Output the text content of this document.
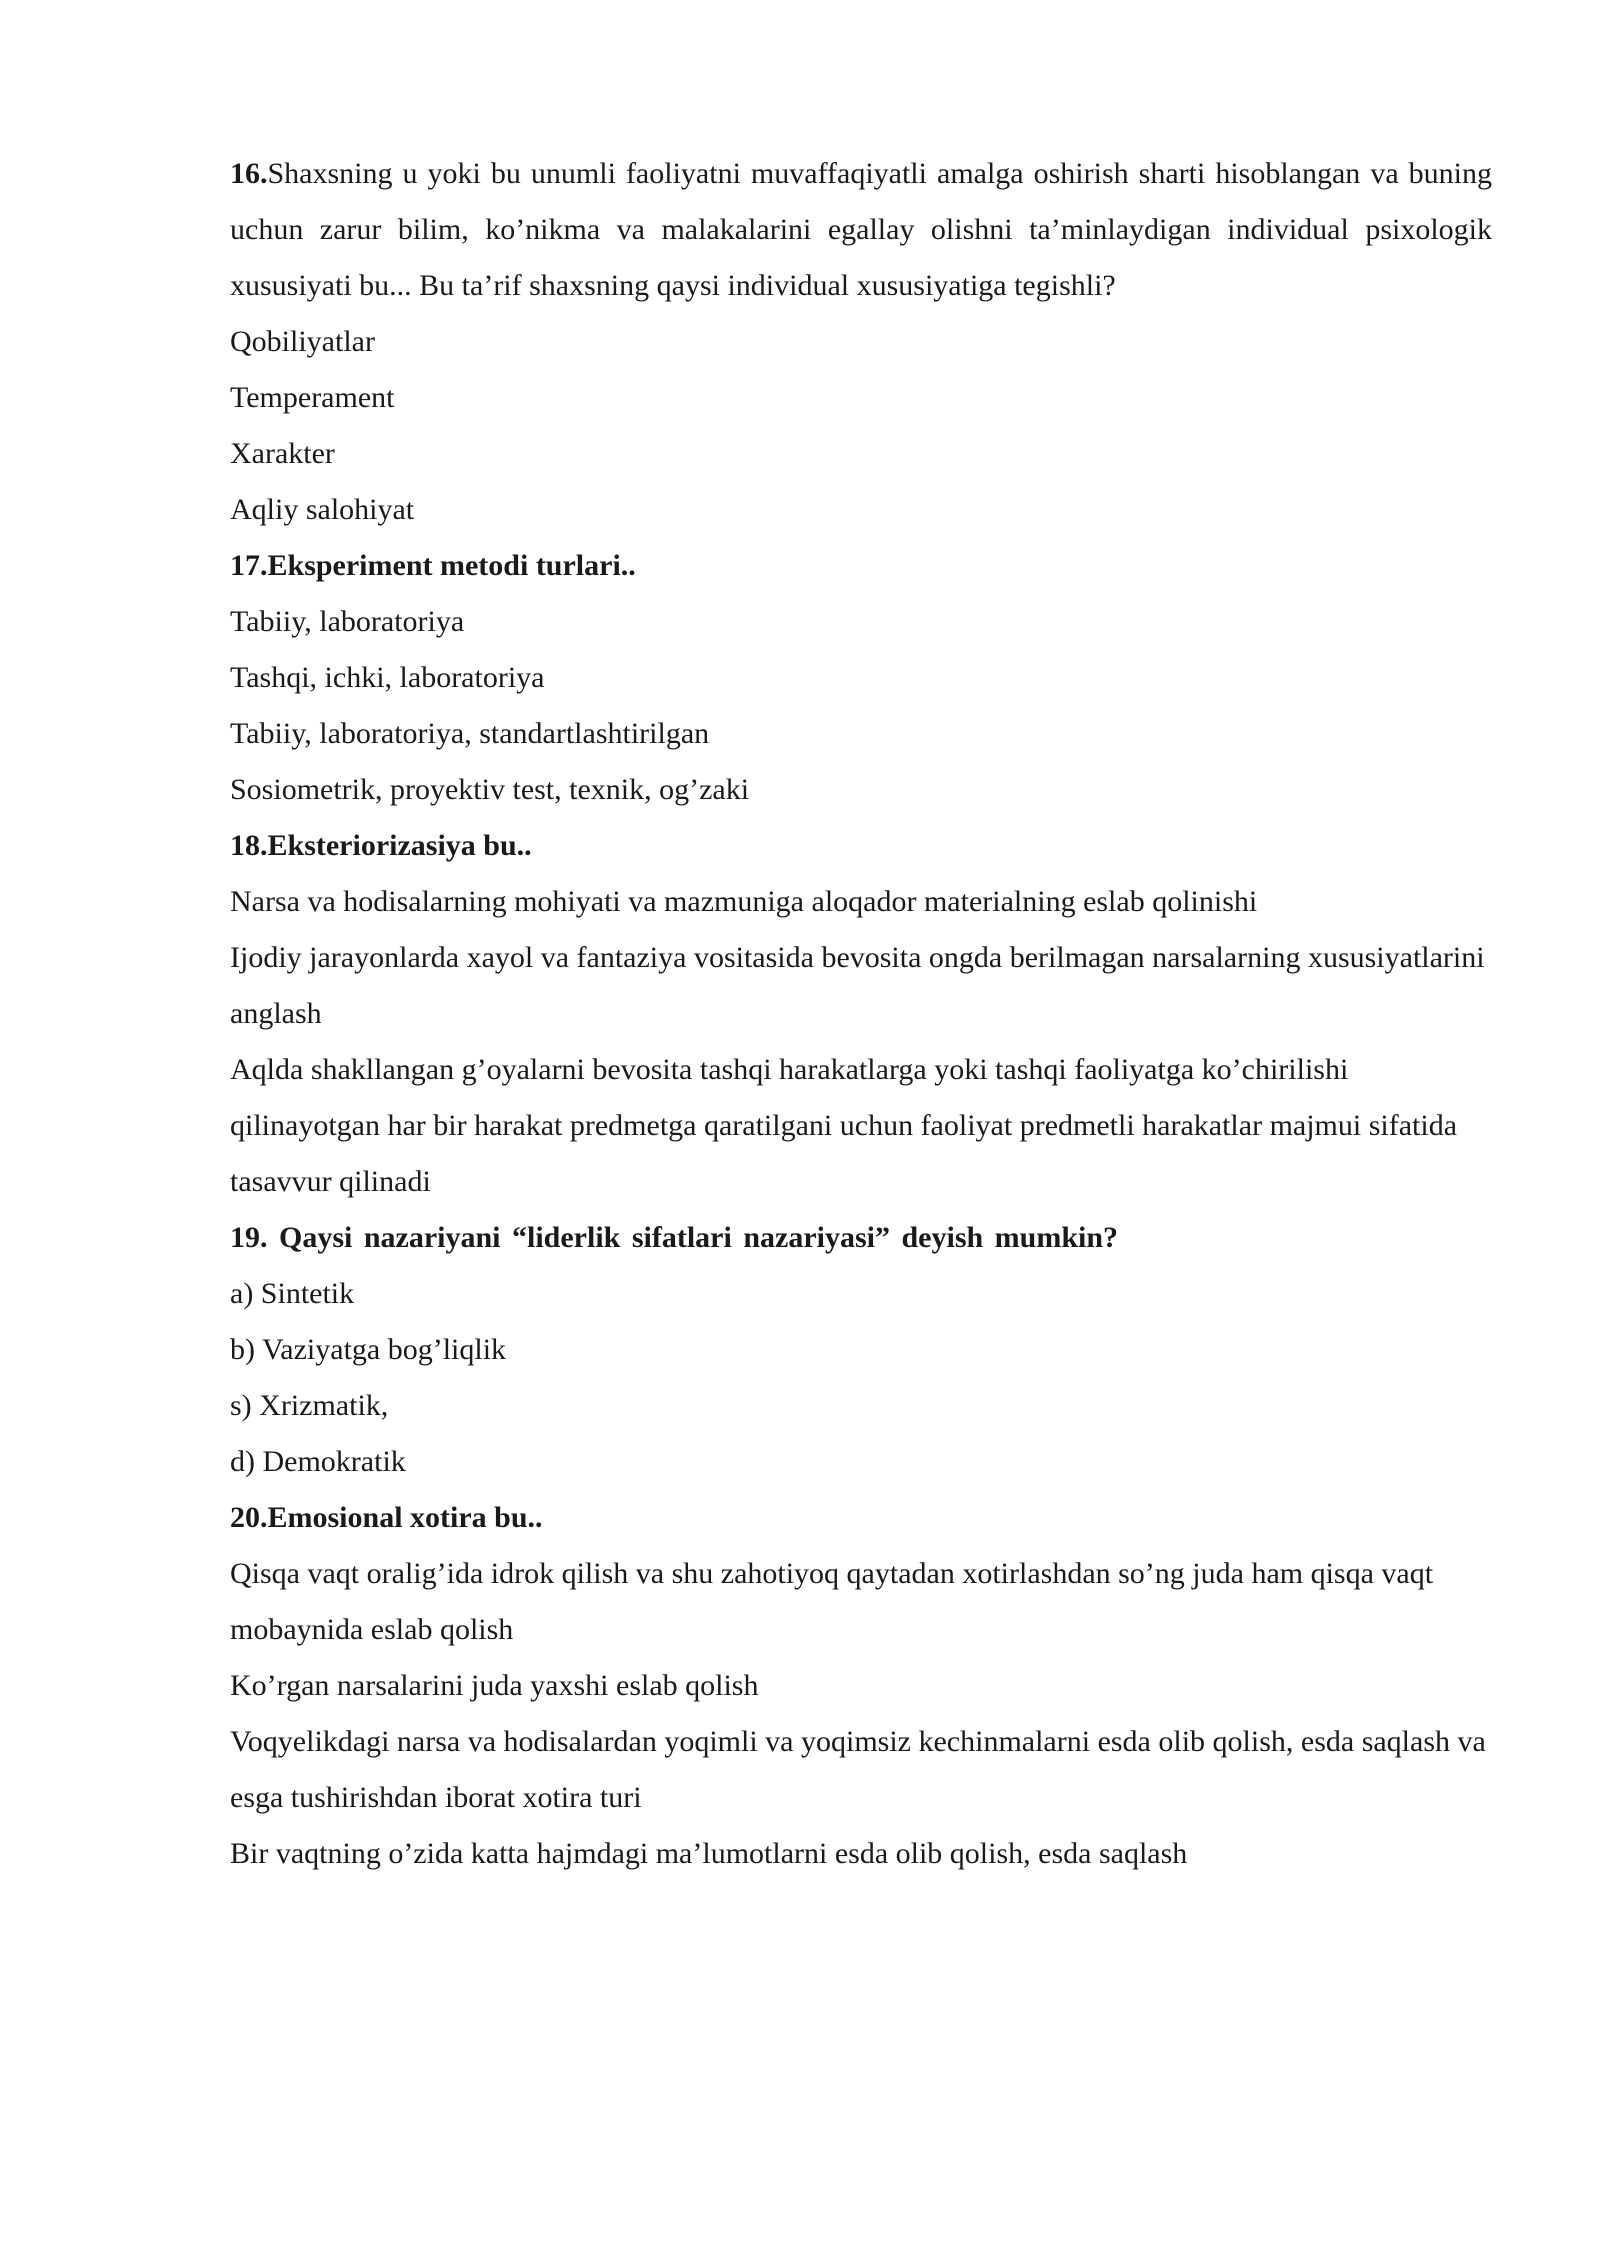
16.Shaxsning u yoki bu unumli faoliyatni muvaffaqiyatli amalga oshirish sharti hisoblangan va buning uchun zarur bilim, ko’nikma va malakalarini egallay olishni ta’minlaydigan individual psixologik xususiyati bu... Bu ta’rif shaxsning qaysi individual xususiyatiga tegishli?

Qobiliyatlar

Temperament

Xarakter

Aqliy salohiyat

17.Eksperiment metodi turlari..

Tabiiy, laboratoriya

Tashqi, ichki, laboratoriya

Tabiiy, laboratoriya, standartlashtirilgan

Sosiometrik, proyektiv test, texnik, og’zaki

18.Eksteriorizasiya bu..

Narsa va hodisalarning mohiyati va mazmuniga aloqador materialning eslab qolinishi

Ijodiy jarayonlarda xayol va fantaziya vositasida bevosita ongda berilmagan narsalarning xususiyatlarini anglash

Aqlda shakllangan g’oyalarni bevosita tashqi harakatlarga yoki tashqi faoliyatga ko’chirilishi qilinayotgan har bir harakat predmetga qaratilgani uchun faoliyat predmetli harakatlar majmui sifatida tasavvur qilinadi

19. Qaysi nazariyani “liderlik sifatlari nazariyasi” deyish mumkin?

a) Sintetik

b) Vaziyatga bog’liqlik

s) Xrizmatik,

d) Demokratik

20.Emosional xotira bu..

Qisqa vaqt oralig’ida idrok qilish va shu zahotiyoq qaytadan xotirlashdan so’ng juda ham qisqa vaqt mobaynida eslab qolish

Ko’rgan narsalarini juda yaxshi eslab qolish

Voqyelikdagi narsa va hodisalardan yoqimli va yoqimsiz kechinmalarni esda olib qolish, esda saqlash va esga tushirishdan iborat xotira turi

Bir vaqtning o’zida katta hajmdagi ma’lumotlarni esda olib qolish, esda saqlash
